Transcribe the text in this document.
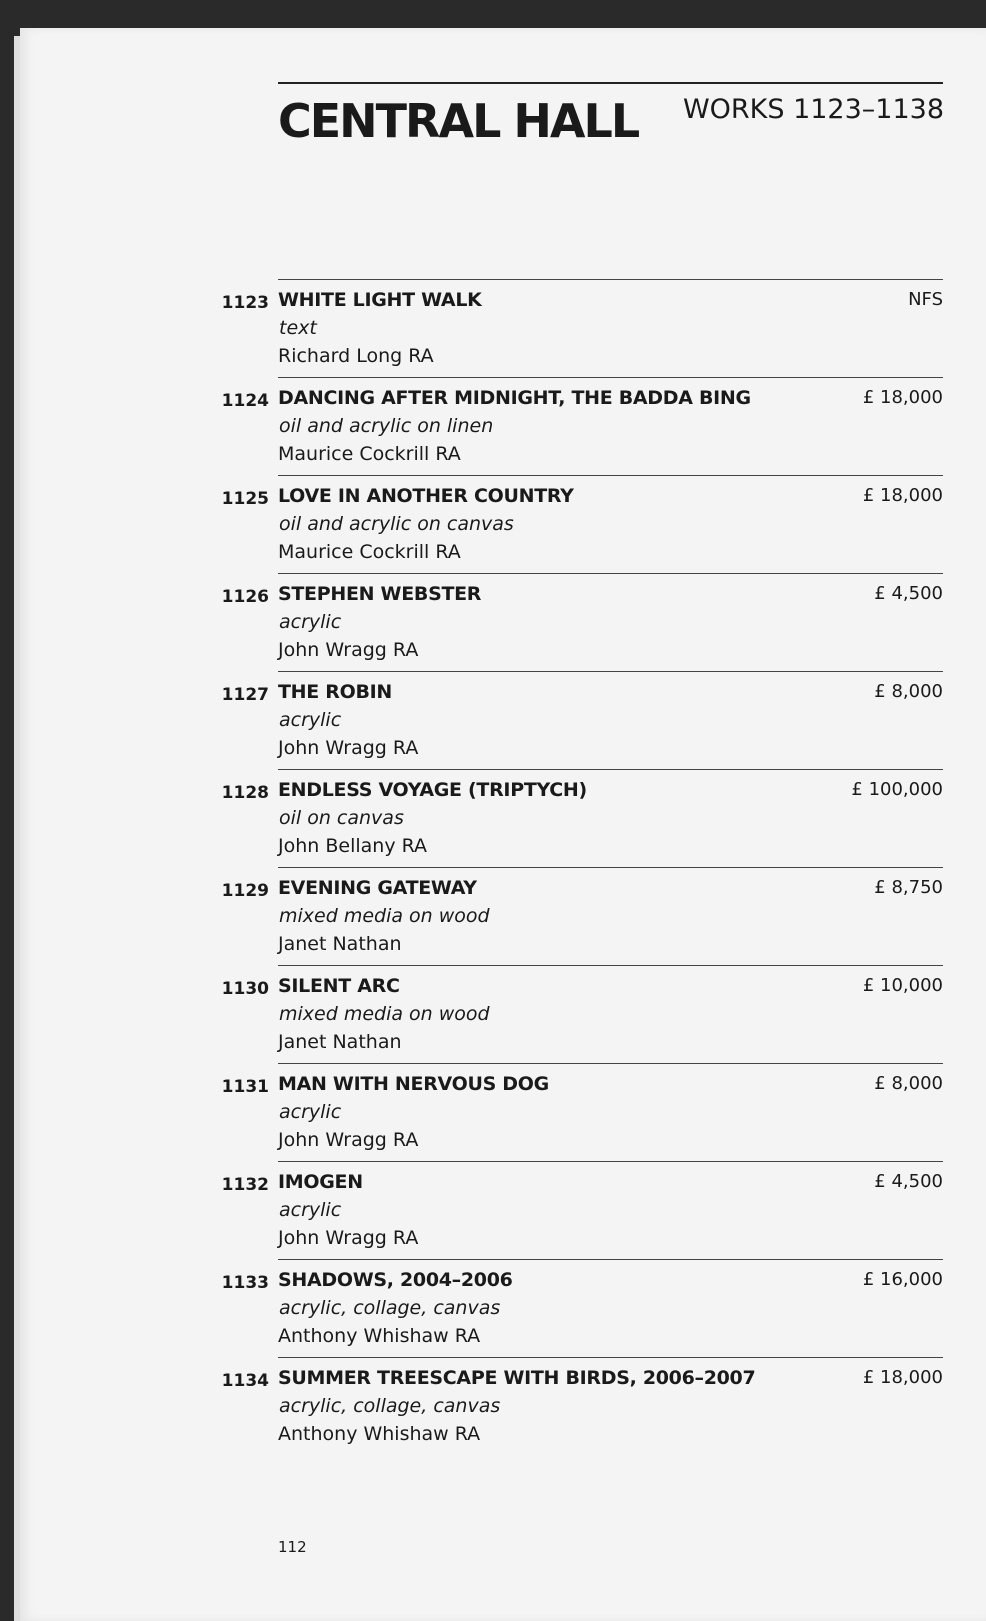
CENTRAL HALL WORKS 1123–1138
1123 WHITE LIGHT WALK
text
Richard Long RA
NFS
1124 DANCING AFTER MIDNIGHT, THE BADDA BING
oil and acrylic on linen
Maurice Cockrill RA
£ 18,000
1125 LOVE IN ANOTHER COUNTRY
oil and acrylic on canvas
Maurice Cockrill RA
£ 18,000
1126 STEPHEN WEBSTER
acrylic
John Wragg RA
£ 4,500
1127 THE ROBIN
acrylic
John Wragg RA
£ 8,000
1128 ENDLESS VOYAGE (TRIPTYCH)
oil on canvas
John Bellany RA
£ 100,000
1129 EVENING GATEWAY
mixed media on wood
Janet Nathan
£ 8,750
1130 SILENT ARC
mixed media on wood
Janet Nathan
£ 10,000
1131 MAN WITH NERVOUS DOG
acrylic
John Wragg RA
£ 8,000
1132 IMOGEN
acrylic
John Wragg RA
£ 4,500
1133 SHADOWS, 2004–2006
acrylic, collage, canvas
Anthony Whishaw RA
£ 16,000
1134 SUMMER TREESCAPE WITH BIRDS, 2006–2007
acrylic, collage, canvas
Anthony Whishaw RA
£ 18,000
112
